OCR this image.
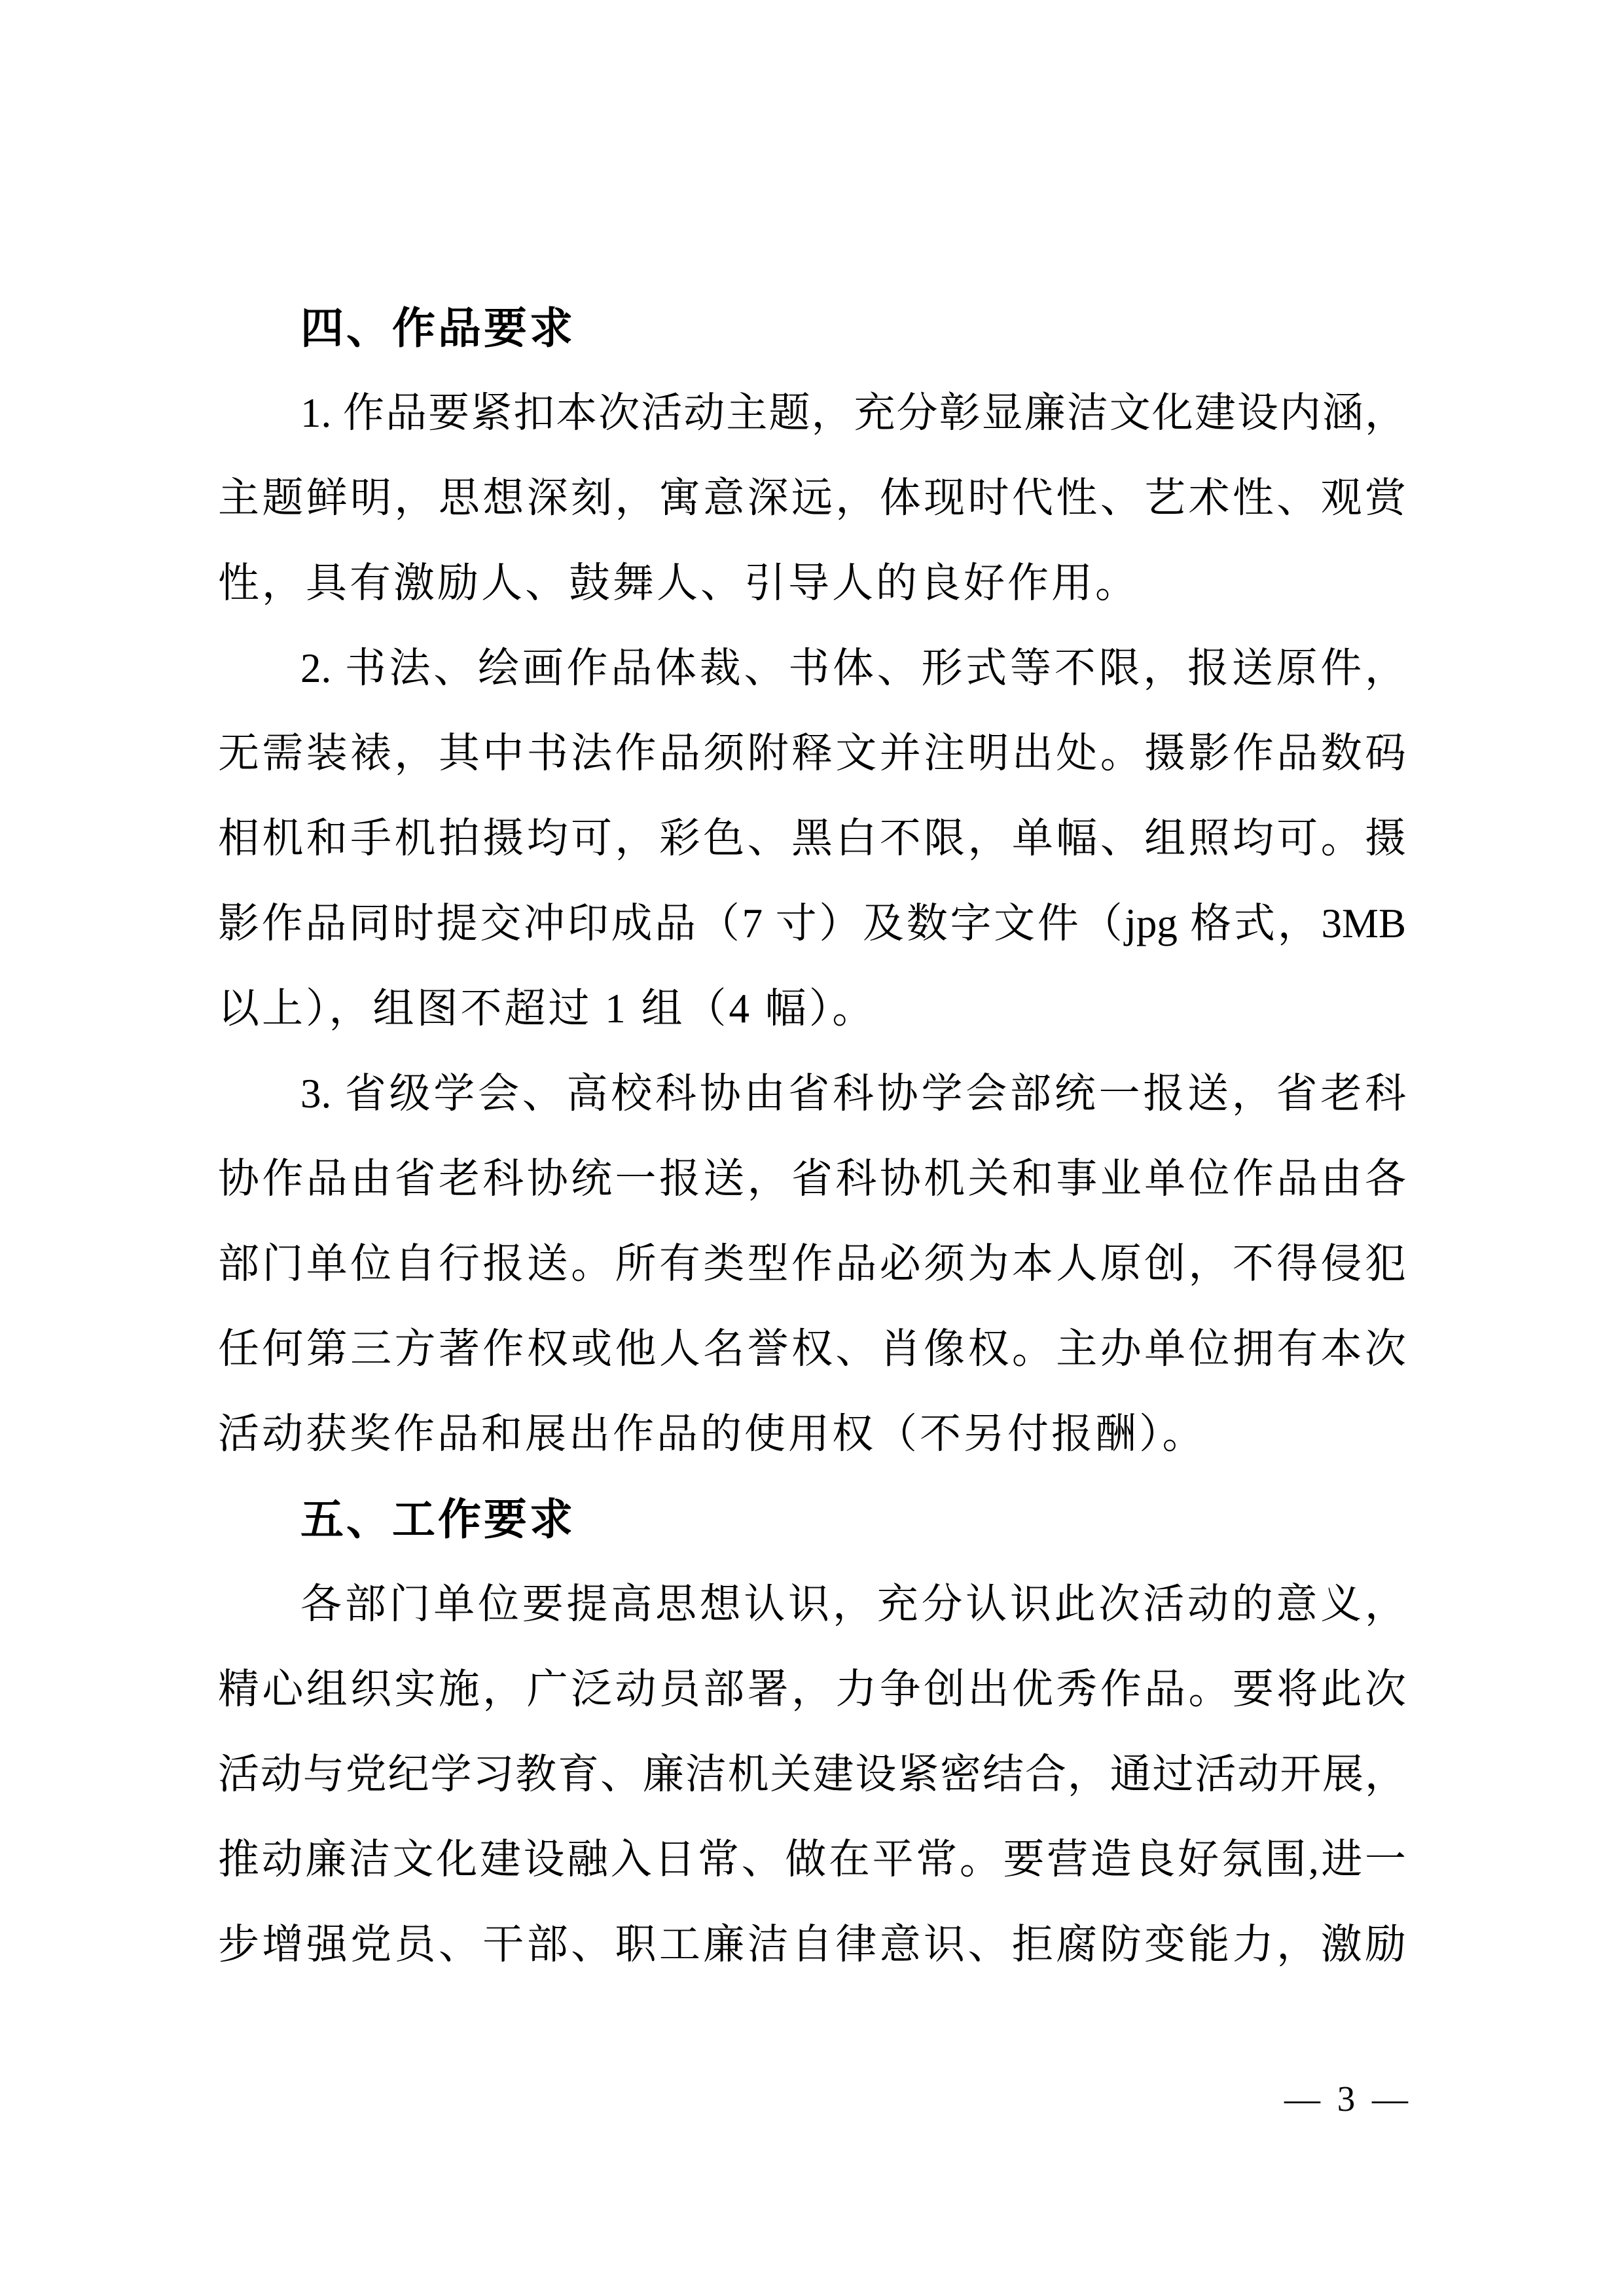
四、作品要求
1. 作品要紧扣本次活动主题，充分彰显廉洁文化建设内涵，
主题鲜明，思想深刻，寓意深远，体现时代性、艺术性、观赏
性，具有激励人、鼓舞人、引导人的良好作用。
2. 书法、绘画作品体裁、书体、形式等不限，报送原件，
无需装裱，其中书法作品须附释文并注明出处。摄影作品数码
相机和手机拍摄均可，彩色、黑白不限，单幅、组照均可。摄
影作品同时提交冲印成品（7 寸）及数字文件（jpg 格式，3MB
以上），组图不超过 1 组（4 幅）。
3. 省级学会、高校科协由省科协学会部统一报送，省老科
协作品由省老科协统一报送，省科协机关和事业单位作品由各
部门单位自行报送。所有类型作品必须为本人原创，不得侵犯
任何第三方著作权或他人名誉权、肖像权。主办单位拥有本次
活动获奖作品和展出作品的使用权（不另付报酬）。
五、工作要求
各部门单位要提高思想认识，充分认识此次活动的意义，
精心组织实施，广泛动员部署，力争创出优秀作品。要将此次
活动与党纪学习教育、廉洁机关建设紧密结合，通过活动开展，
推动廉洁文化建设融入日常、做在平常。要营造良好氛围,进一
步增强党员、干部、职工廉洁自律意识、拒腐防变能力，激励
— 3 —
